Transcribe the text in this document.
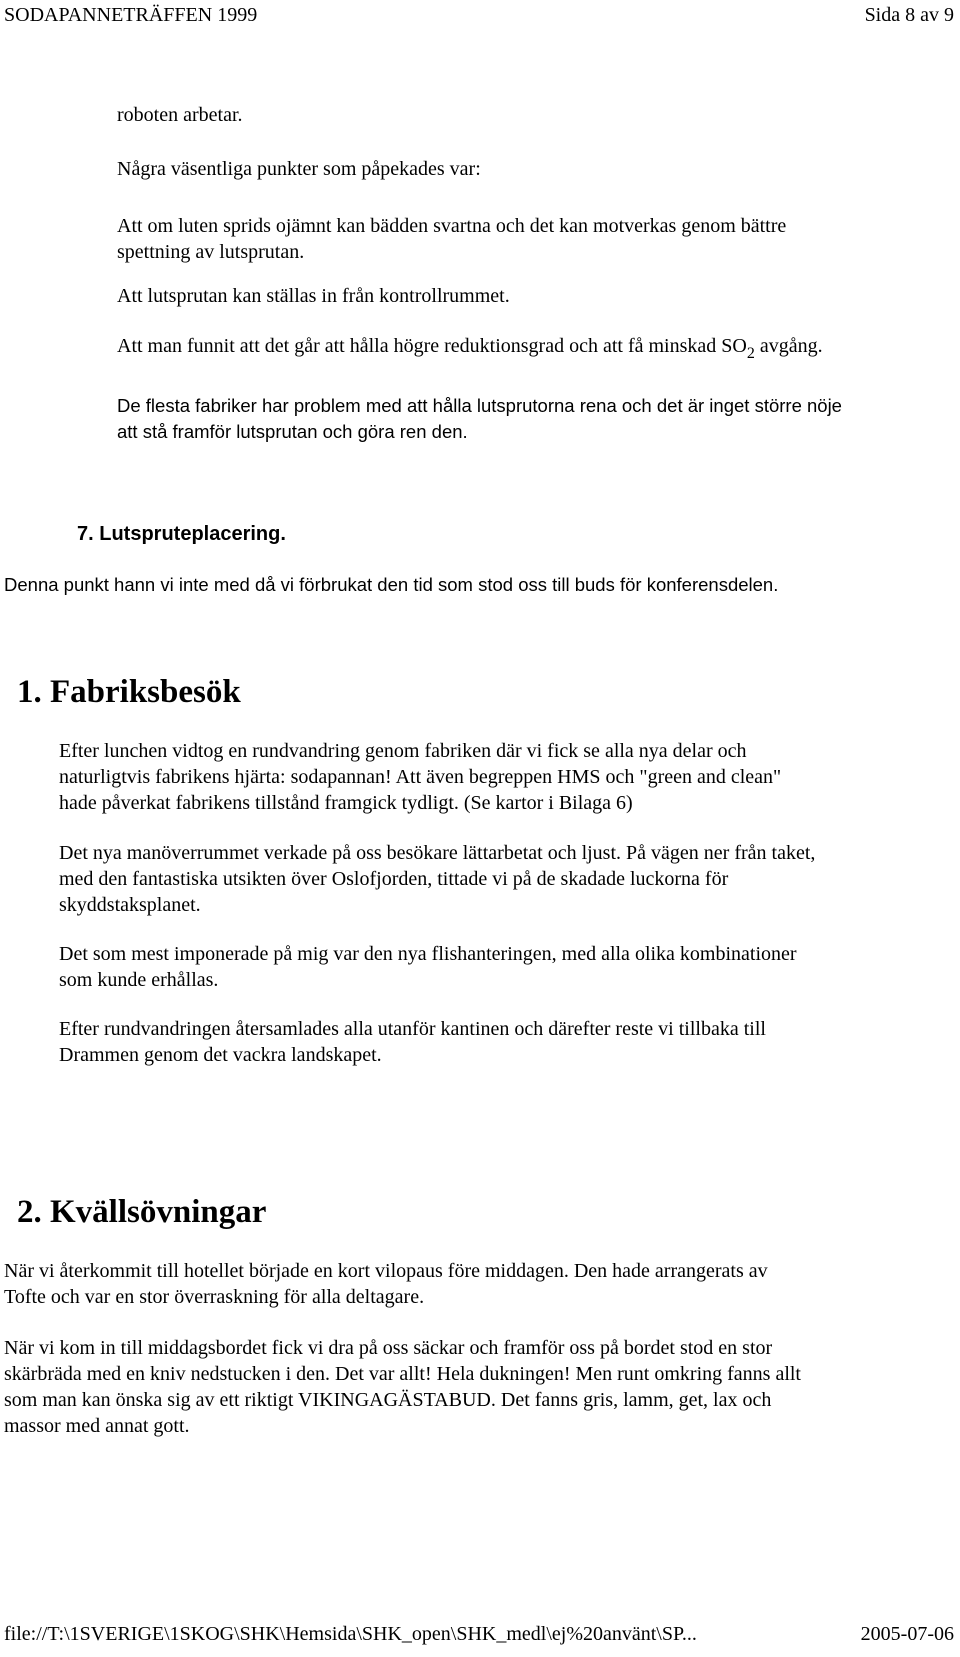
SODAPANNETRÄFFEN 1999	Sida 8 av 9
roboten arbetar.
Några väsentliga punkter som påpekades var:
Att om luten sprids ojämnt kan bädden svartna och det kan motverkas genom bättre
spettning av lutsprutan.
Att lutsprutan kan ställas in från kontrollrummet.
Att man funnit att det går att hålla högre reduktionsgrad och att få minskad $SO_2$ avgång.
De flesta fabriker har problem med att hålla lutsprutorna rena och det är inget större nöje
att stå framför lutsprutan och göra ren den.
7. Lutspruteplacering.
Denna punkt hann vi inte med då vi förbrukat den tid som stod oss till buds för konferensdelen.
1. Fabriksbesök
Efter lunchen vidtog en rundvandring genom fabriken där vi fick se alla nya delar och
naturligtvis fabrikens hjärta: sodapannan! Att även begreppen HMS och "green and clean"
hade påverkat fabrikens tillstånd framgick tydligt. (Se kartor i Bilaga 6)
Det nya manöverrummet verkade på oss besökare lättarbetat och ljust. På vägen ner från taket,
med den fantastiska utsikten över Oslofjorden, tittade vi på de skadade luckorna för
skyddstaksplanet.
Det som mest imponerade på mig var den nya flishanteringen, med alla olika kombinationer
som kunde erhållas.
Efter rundvandringen återsamlades alla utanför kantinen och därefter reste vi tillbaka till
Drammen genom det vackra landskapet.
2. Kvällsövningar
När vi återkommit till hotellet började en kort vilopaus före middagen. Den hade arrangerats av
Tofte och var en stor överraskning för alla deltagare.
När vi kom in till middagsbordet fick vi dra på oss säckar och framför oss på bordet stod en stor
skärbräda med en kniv nedstucken i den. Det var allt! Hela dukningen! Men runt omkring fanns allt
som man kan önska sig av ett riktigt VIKINGAGÄSTABUD. Det fanns gris, lamm, get, lax och
massor med annat gott.
file://T:\1SVERIGE\1SKOG\SHK\Hemsida\SHK_open\SHK_medl\ej%20använt\SP...	2005-07-06
